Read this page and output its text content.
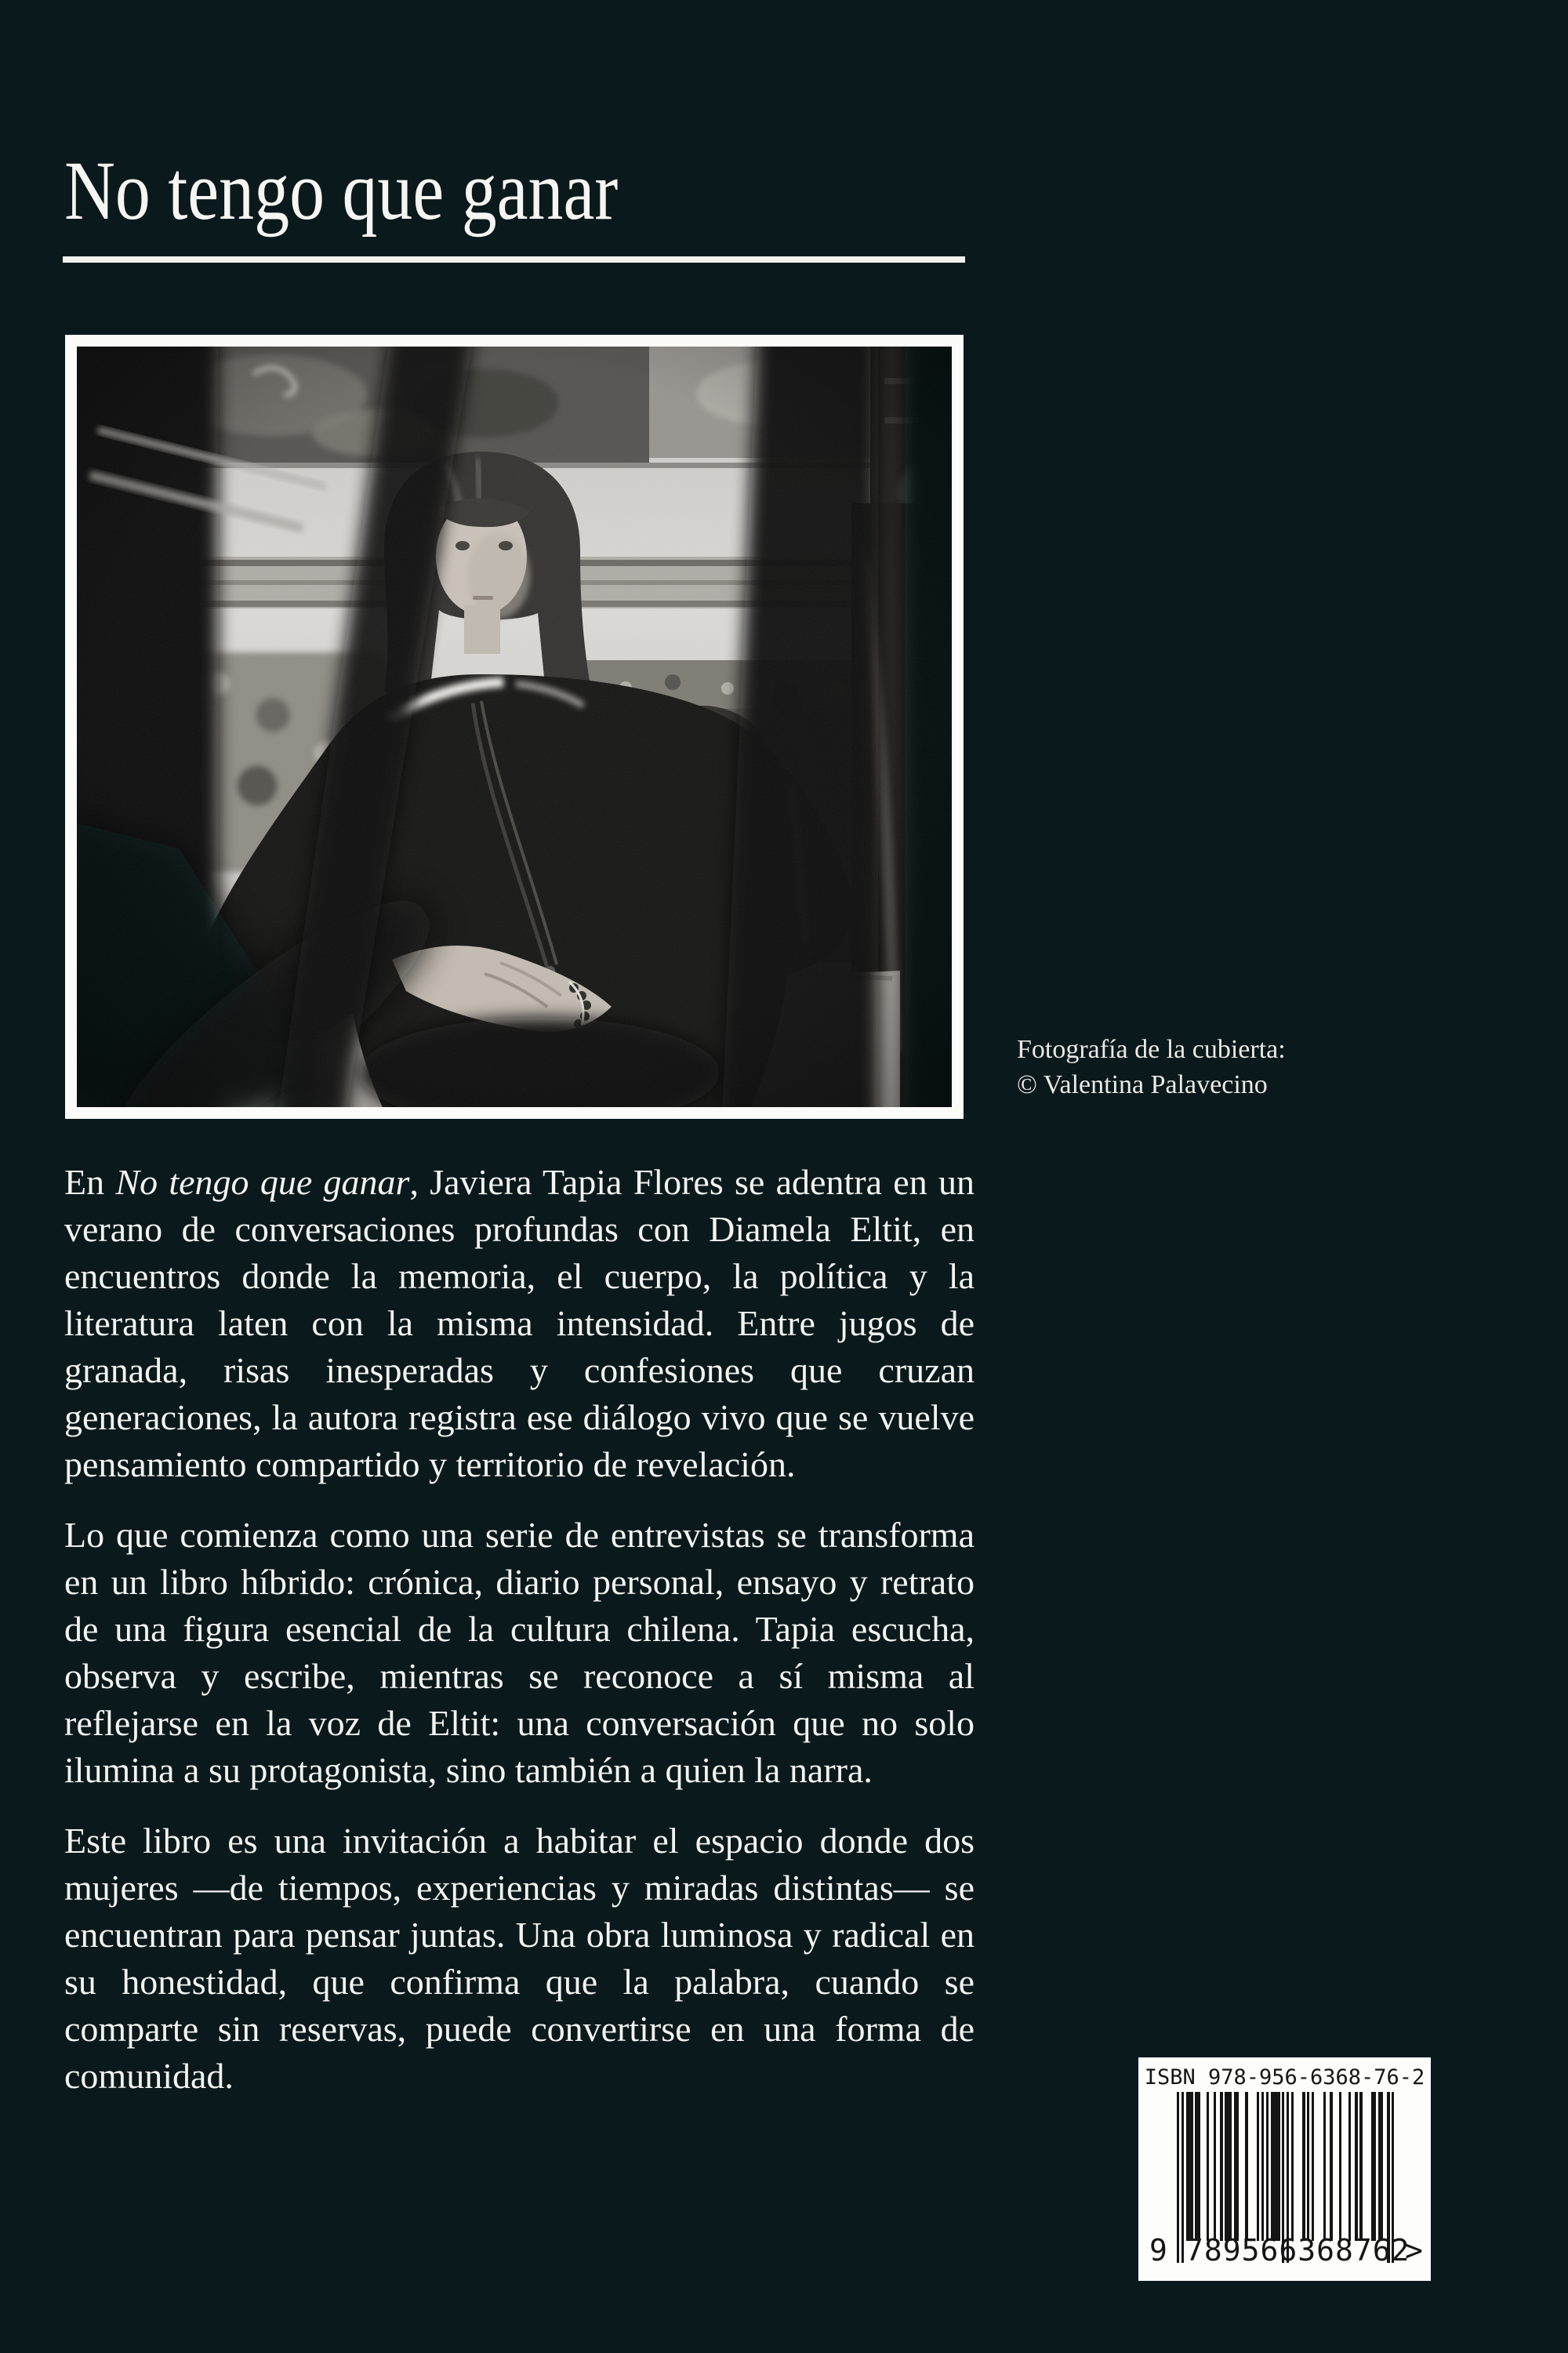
No tengo que ganar
Fotografía de la cubierta:
© Valentina Palavecino

En No tengo que ganar, Javiera Tapia Flores se adentra en un verano de conversaciones profundas con Diamela Eltit, en encuentros donde la memoria, el cuerpo, la política y la literatura laten con la misma intensidad. Entre jugos de granada, risas inesperadas y confesiones que cruzan generaciones, la autora registra ese diálogo vivo que se vuelve pensamiento compartido y territorio de revelación.

Lo que comienza como una serie de entrevistas se transforma en un libro híbrido: crónica, diario personal, ensayo y retrato de una figura esencial de la cultura chilena. Tapia escucha, observa y escribe, mientras se reconoce a sí misma al reflejarse en la voz de Eltit: una conversación que no solo ilumina a su protagonista, sino también a quien la narra.

Este libro es una invitación a habitar el espacio donde dos mujeres —de tiempos, experiencias y miradas distintas— se encuentran para pensar juntas. Una obra luminosa y radical en su honestidad, que confirma que la palabra, cuando se comparte sin reservas, puede convertirse en una forma de comunidad.	ISBN 978-956-6368-76-2
9 789566368762
>
